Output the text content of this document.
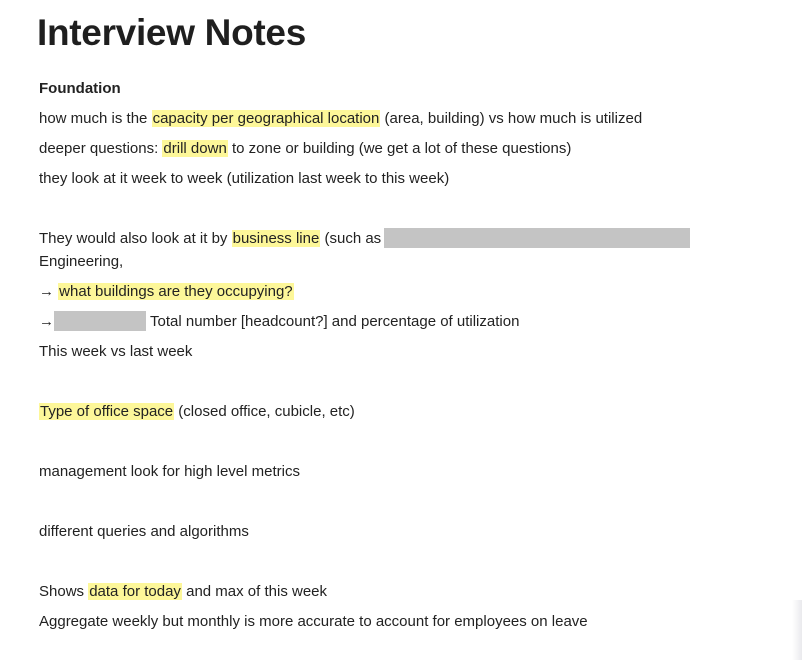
Interview Notes
Foundation
how much is the capacity per geographical location (area, building) vs how much is utilized
deeper questions: drill down to zone or building (we get a lot of these questions)
they look at it week to week (utilization last week to this week)
They would also look at it by business line (such as
Engineering,
→ what buildings are they occupying?
→	Total number [headcount?] and percentage of utilization
This week vs last week
Type of office space (closed office, cubicle, etc)
management look for high level metrics
different queries and algorithms
Shows data for today and max of this week
Aggregate weekly but monthly is more accurate to account for employees on leave
